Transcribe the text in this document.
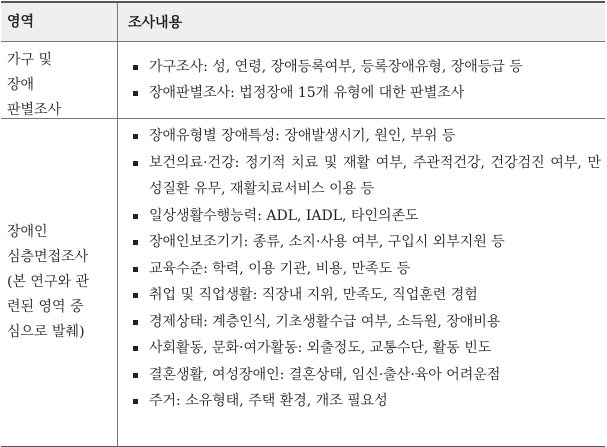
영역	조사내용
가구 및
장애
판별조사
가구조사: 성, 연령, 장애등록여부, 등록장애유형, 장애등급 등
장애판별조사: 법정장애 15개 유형에 대한 판별조사
장애인
심층면접조사
(본 연구와 관
련된 영역 중
심으로 발췌)
장애유형별 장애특성: 장애발생시기, 원인, 부위 등
보건의료·건강: 정기적 치료 및 재활 여부, 주관적건강, 건강검진 여부, 만성질환 유무, 재활치료서비스 이용 등
일상생활수행능력: ADL, IADL, 타인의존도
장애인보조기기: 종류, 소지·사용 여부, 구입시 외부지원 등
교육수준: 학력, 이용 기관, 비용, 만족도 등
취업 및 직업생활: 직장내 지위, 만족도, 직업훈련 경험
경제상태: 계층인식, 기초생활수급 여부, 소득원, 장애비용
사회활동, 문화·여가활동: 외출정도, 교통수단, 활동 빈도
결혼생활, 여성장애인: 결혼상태, 임신·출산·육아 어려운점
주거: 소유형태, 주택 환경, 개조 필요성
